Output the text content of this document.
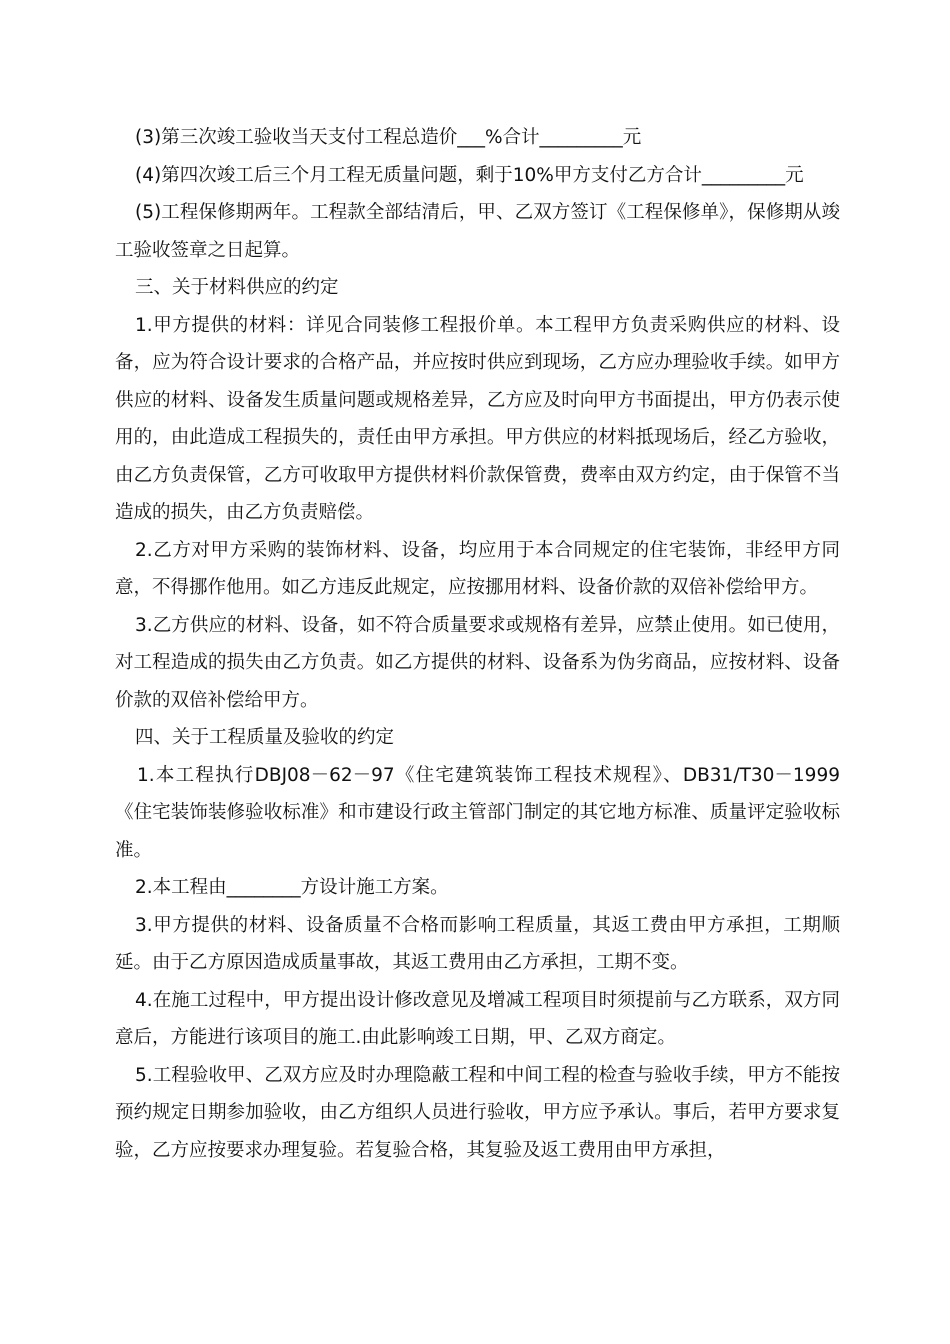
(3)第三次竣工验收当天支付工程总造价___%合计_________元

(4)第四次竣工后三个月工程无质量问题，剩于10%甲方支付乙方合计_________元

(5)工程保修期两年。工程款全部结清后，甲、乙双方签订《工程保修单》，保修期从竣工验收签章之日起算。

三、关于材料供应的约定

1.甲方提供的材料：详见合同装修工程报价单。本工程甲方负责采购供应的材料、设备，应为符合设计要求的合格产品，并应按时供应到现场，乙方应办理验收手续。如甲方供应的材料、设备发生质量问题或规格差异，乙方应及时向甲方书面提出，甲方仍表示使用的，由此造成工程损失的，责任由甲方承担。甲方供应的材料抵现场后，经乙方验收，由乙方负责保管，乙方可收取甲方提供材料价款保管费，费率由双方约定，由于保管不当造成的损失，由乙方负责赔偿。

2.乙方对甲方采购的装饰材料、设备，均应用于本合同规定的住宅装饰，非经甲方同意，不得挪作他用。如乙方违反此规定，应按挪用材料、设备价款的双倍补偿给甲方。

3.乙方供应的材料、设备，如不符合质量要求或规格有差异，应禁止使用。如已使用，对工程造成的损失由乙方负责。如乙方提供的材料、设备系为伪劣商品，应按材料、设备价款的双倍补偿给甲方。

四、关于工程质量及验收的约定

1.本工程执行DBJ08－62－97《住宅建筑装饰工程技术规程》、DB31/T30－1999《住宅装饰装修验收标准》和市建设行政主管部门制定的其它地方标准、质量评定验收标准。

2.本工程由________方设计施工方案。

3.甲方提供的材料、设备质量不合格而影响工程质量，其返工费由甲方承担，工期顺延。由于乙方原因造成质量事故，其返工费用由乙方承担，工期不变。

4.在施工过程中，甲方提出设计修改意见及增减工程项目时须提前与乙方联系，双方同意后，方能进行该项目的施工.由此影响竣工日期，甲、乙双方商定。

5.工程验收甲、乙双方应及时办理隐蔽工程和中间工程的检查与验收手续，甲方不能按预约规定日期参加验收，由乙方组织人员进行验收，甲方应予承认。事后，若甲方要求复验，乙方应按要求办理复验。若复验合格，其复验及返工费用由甲方承担，
